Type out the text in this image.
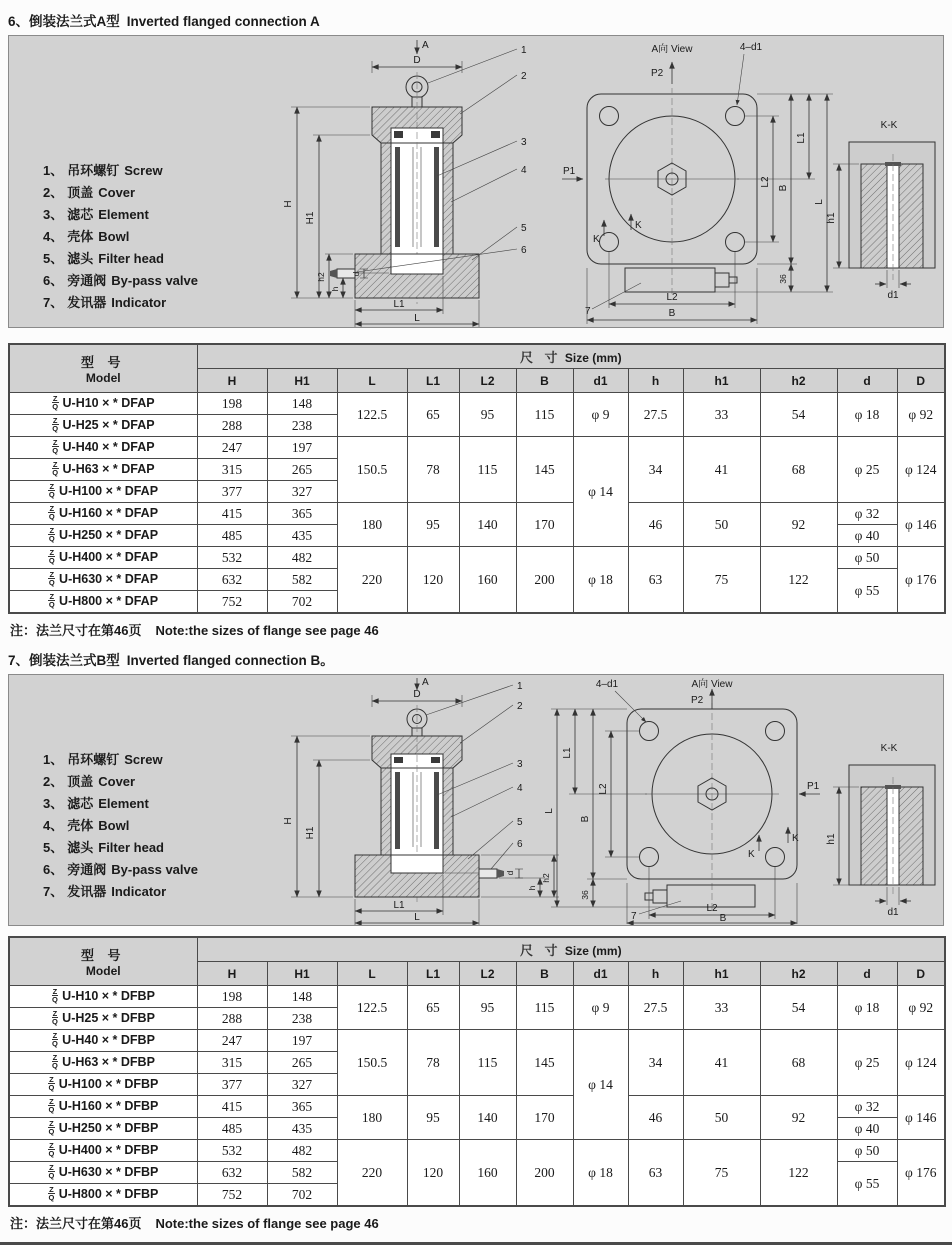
6、倒装法兰式A型 Inverted flanged connection A
1、 吊环螺钉 Screw
2、 顶盖 Cover
3、 滤芯 Element
4、 壳体 Bowl
5、 滤头 Filter head
6、 旁通阀 By-pass valve
7、 发讯器 Indicator
A
D
H
H1
h2
h
d
L1
L
1
2
3
4
5
6
A向 View
P2
4–d1
P1
K
K
L2
B
L1
L
36
7
L2
B
K-K
h1
d1
型 号
Model	尺 寸 Size (mm)											
	H	H1	L	L1	L2	B	d1	h	h1	h2	d	D

$\frac{Z}{Q} U-H10$ × * DFAP	198	148	122.5	65	95	115	φ 9	27.5	33	54	φ 18	φ 92

$\frac{Z}{Q} U-H25$ × * DFAP	288	238										

$\frac{Z}{Q} U-H40$ × * DFAP	247	197	150.5	78	115	145	φ 14	34	41	68	φ 25	φ 124

$\frac{Z}{Q} U-H63$ × * DFAP	315	265										

$\frac{Z}{Q} U-H100$ × * DFAP	377	327										

$\frac{Z}{Q} U-H160$ × * DFAP	415	365	180	95	140	170		46	50	92	φ 32	φ 146

$\frac{Z}{Q} U-H250$ × * DFAP	485	435									φ 40	

$\frac{Z}{Q} U-H400$ × * DFAP	532	482	220	120	160	200	φ 18	63	75	122	φ 50	φ 176

$\frac{Z}{Q} U-H630$ × * DFAP	632	582									φ 55	

$\frac{Z}{Q} U-H800$ × * DFAP	752	702										
注：法兰尺寸在第46页 Note:the sizes of flange see page 46
7、倒装法兰式B型 Inverted flanged connection B。
1、 吊环螺钉 Screw
2、 顶盖 Cover
3、 滤芯 Element
4、 壳体 Bowl
5、 滤头 Filter head
6、 旁通阀 By-pass valve
7、 发讯器 Indicator
A
D
H
H1
h2
h
d
L1
L
1
2
3
4
5
6
A向 View
P2
4–d1
P1
K
K
L
L1
B
L2
36
7
L2
B
K-K
h1
d1
型 号
Model	尺 寸 Size (mm)											
	H	H1	L	L1	L2	B	d1	h	h1	h2	d	D

$\frac{Z}{Q} U-H10$ × * DFBP	198	148	122.5	65	95	115	φ 9	27.5	33	54	φ 18	φ 92

$\frac{Z}{Q} U-H25$ × * DFBP	288	238										

$\frac{Z}{Q} U-H40$ × * DFBP	247	197	150.5	78	115	145	φ 14	34	41	68	φ 25	φ 124

$\frac{Z}{Q} U-H63$ × * DFBP	315	265										

$\frac{Z}{Q} U-H100$ × * DFBP	377	327										

$\frac{Z}{Q} U-H160$ × * DFBP	415	365	180	95	140	170		46	50	92	φ 32	φ 146

$\frac{Z}{Q} U-H250$ × * DFBP	485	435									φ 40	

$\frac{Z}{Q} U-H400$ × * DFBP	532	482	220	120	160	200	φ 18	63	75	122	φ 50	φ 176

$\frac{Z}{Q} U-H630$ × * DFBP	632	582									φ 55	

$\frac{Z}{Q} U-H800$ × * DFBP	752	702										
注：法兰尺寸在第46页 Note:the sizes of flange see page 46
